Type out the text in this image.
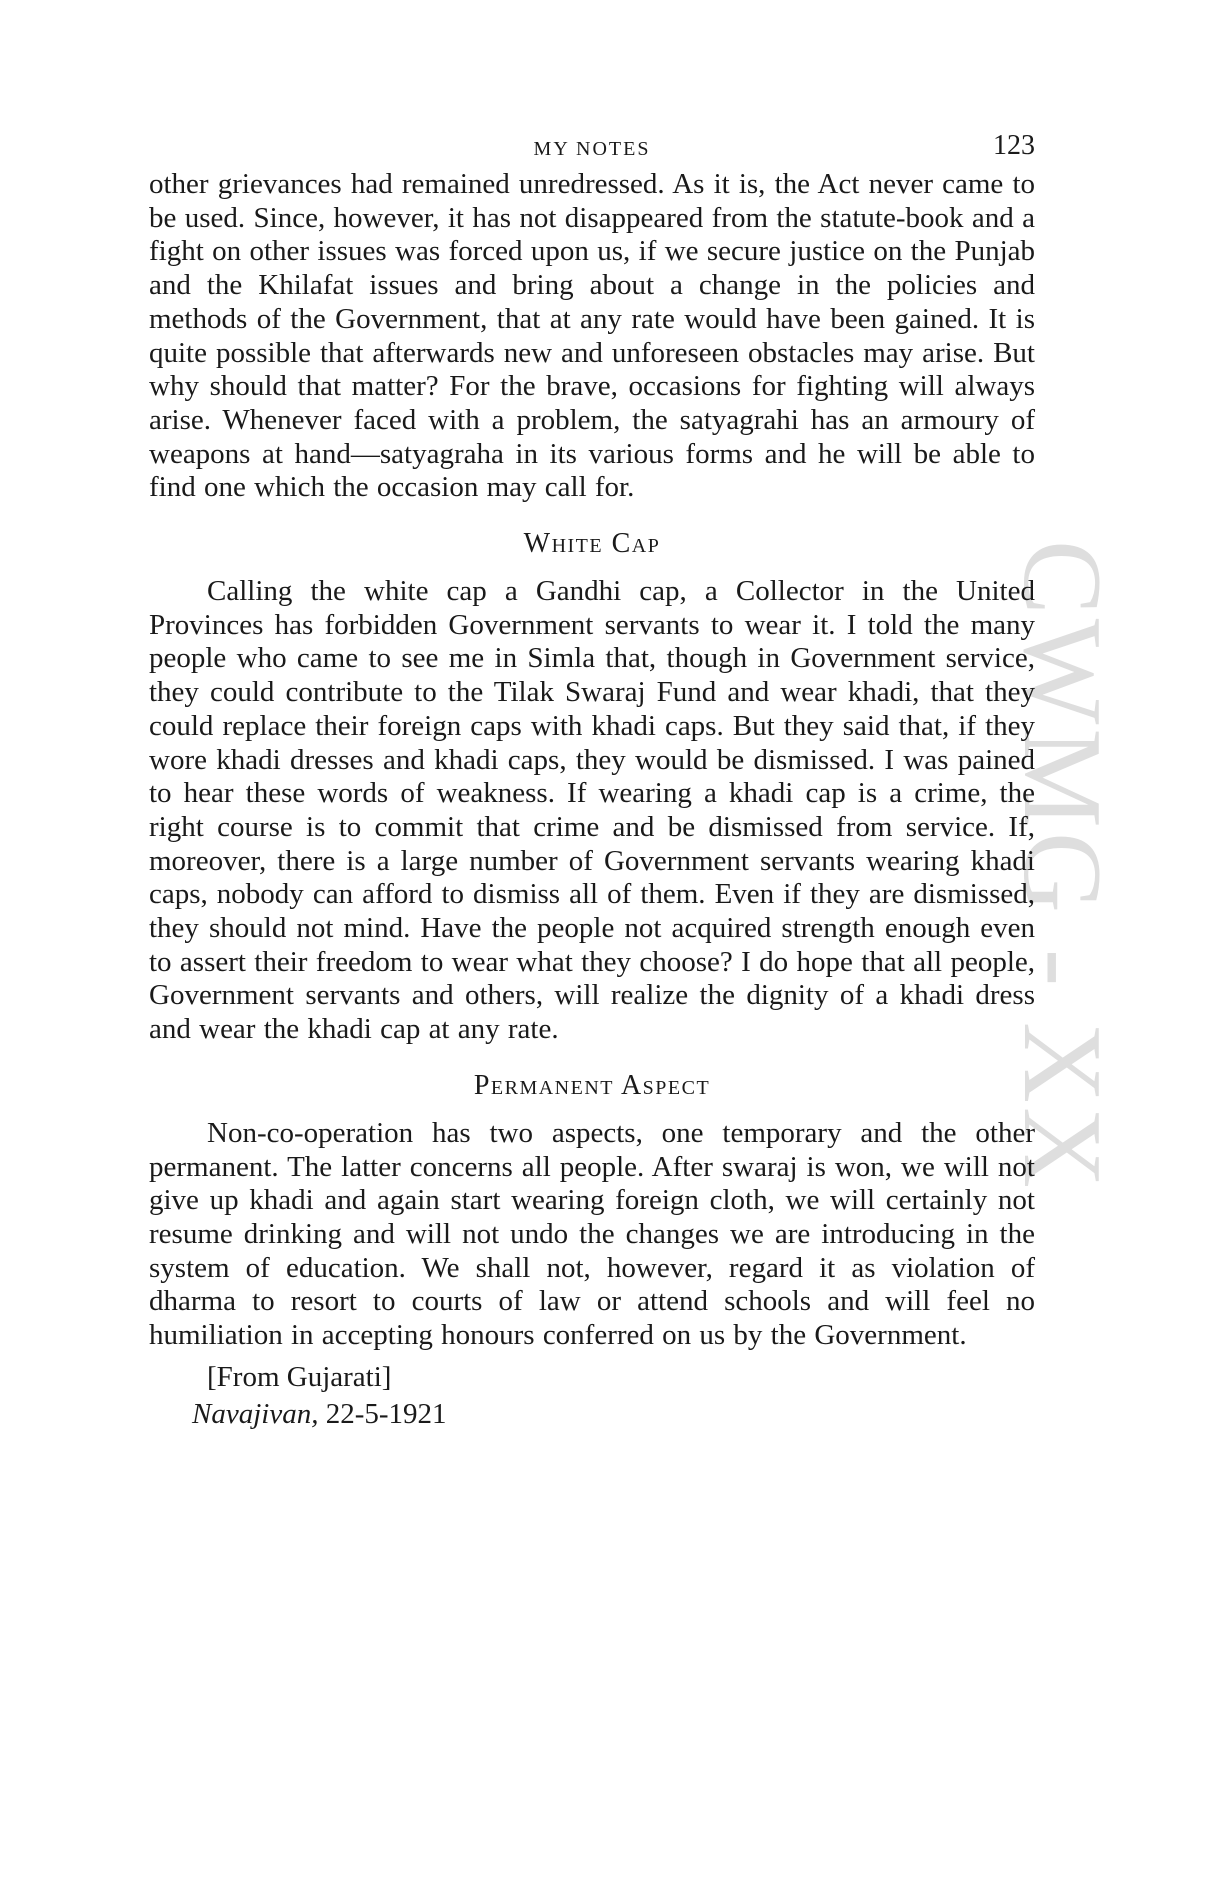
CWMG - XX
MY NOTES	123

other grievances had remained unredressed. As it is, the Act never came to be used. Since, however, it has not disappeared from the statute-book and a fight on other issues was forced upon us, if we secure justice on the Punjab and the Khilafat issues and bring about a change in the policies and methods of the Government, that at any rate would have been gained. It is quite possible that afterwards new and unforeseen obstacles may arise. But why should that matter? For the brave, occasions for fighting will always arise. Whenever faced with a problem, the satyagrahi has an armoury of weapons at hand—satyagraha in its various forms and he will be able to find one which the occasion may call for.

White Cap

Calling the white cap a Gandhi cap, a Collector in the United Provinces has forbidden Government servants to wear it. I told the many people who came to see me in Simla that, though in Government service, they could contribute to the Tilak Swaraj Fund and wear khadi, that they could replace their foreign caps with khadi caps. But they said that, if they wore khadi dresses and khadi caps, they would be dismissed. I was pained to hear these words of weakness. If wearing a khadi cap is a crime, the right course is to commit that crime and be dismissed from service. If, moreover, there is a large number of Government servants wearing khadi caps, nobody can afford to dismiss all of them. Even if they are dismissed, they should not mind. Have the people not acquired strength enough even to assert their freedom to wear what they choose? I do hope that all people, Government servants and others, will realize the dignity of a khadi dress and wear the khadi cap at any rate.

Permanent Aspect

Non-co-operation has two aspects, one temporary and the other permanent. The latter concerns all people. After swaraj is won, we will not give up khadi and again start wearing foreign cloth, we will certainly not resume drinking and will not undo the changes we are introducing in the system of education. We shall not, however, regard it as violation of dharma to resort to courts of law or attend schools and will feel no humiliation in accepting honours conferred on us by the Government.

[From Gujarati]
Navajivan, 22-5-1921
